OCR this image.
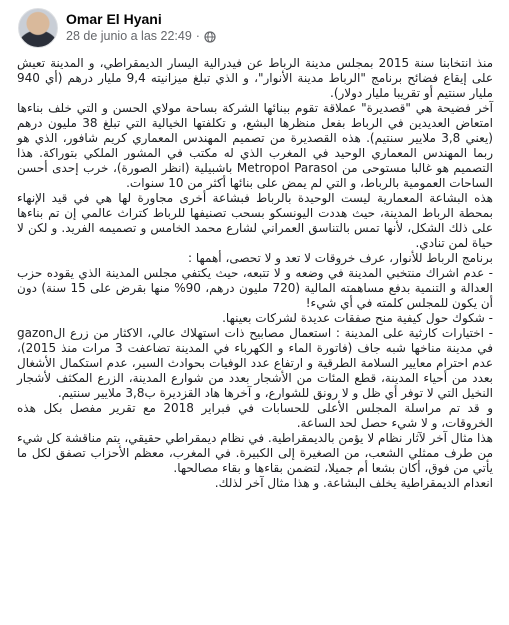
Omar El Hyani
28 de junio a las 22:49 ·

منذ انتخابنا سنة 2015 بمجلس مدينة الرباط عن فيدرالية اليسار الديمقراطي، و المدينة تعيش على إيقاع فضائح برنامج "الرباط مدينة الأنوار"، و الذي تبلغ ميزانيته 9,4 مليار درهم (أي 940 مليار سنتيم أو تقريبا مليار دولار).

آخر فضيحة هي "قصديرة" عملاقة تقوم ببنائها الشركة بساحة مولاي الحسن و التي خلف بناءها امتعاض العديدين في الرباط بفعل منظرها البشع، و تكلفتها الخيالية التي تبلغ 38 مليون درهم (يعني 3,8 ملايير سنتيم). هذه القصديرة من تصميم المهندس المعماري كريم شافور، الذي هو ربما المهندس المعماري الوحيد في المغرب الذي له مكتب في المشور الملكي بتوراكة. هذا التصميم هو غالبا مستوحى من Metropol Parasol باشبيلية (انظر الصورة)، خرب إحدى أحسن الساحات العمومية بالرباط، و التي لم يمض على بنائها أكثر من 10 سنوات.

هذه البشاعة المعمارية ليست الوحيدة بالرباط فبشاعة أخرى مجاورة لها هي في قيد الإنهاء بمحطة الرباط المدينة، حيث هددت اليونسكو بسحب تصنيفها للرباط كتراث عالمي إن تم بناءها على ذلك الشكل، لأنها تمس بالتناسق العمراني لشارع محمد الخامس و تصميمه الفريد. و لكن لا حياة لمن تنادي.

برنامج الرباط للأنوار، عرف خروقات لا تعد و لا تحصى، أهمها :

- عدم اشراك منتخبي المدينة في وضعه و لا تتبعه، حيث يكتفي مجلس المدينة الذي يقوده حزب العدالة و التنمية بدفع مساهمته المالية (720 مليون درهم، 90% منها بقرض على 15 سنة) دون أن يكون للمجلس كلمته في أي شيء!

- شكوك حول كيفية منح صفقات عديدة لشركات بعينها.

- اختيارات كارثية على المدينة : استعمال مصابيح ذات استهلاك عالي، الاكثار من زرع الgazon في مدينة مناخها شبه جاف (فاتورة الماء و الكهرباء في المدينة تضاعفت 3 مرات منذ 2015)، عدم احترام معايير السلامة الطرقية و ارتفاع عدد الوفيات بحوادث السير، عدم استكمال الأشغال بعدد من أحياء المدينة، قطع المئات من الأشجار بعدد من شوارع المدينة، الزرع المكثف لأشجار النخيل التي لا توفر أي ظل و لا رونق للشوارع، و آخرها هاد القزديرة ب3,8 ملايير سنتيم.

و قد تم مراسلة المجلس الأعلى للحسابات في فبراير 2018 مع تقرير مفصل بكل هذه الخروقات، و لا شيء حصل لحد الساعة.

هذا مثال آخر لآثار نظام لا يؤمن بالديمقراطية. في نظام ديمقراطي حقيقي، يتم مناقشة كل شيء من طرف ممثلي الشعب، من الصغيرة إلى الكبيرة. في المغرب، معظم الأحزاب تصفق لكل ما يأتي من فوق، أكان بشعا أم جميلا، لتضمن بقاءها و بقاء مصالحها.

انعدام الديمقراطية يخلف البشاعة. و هذا مثال آخر لذلك.
